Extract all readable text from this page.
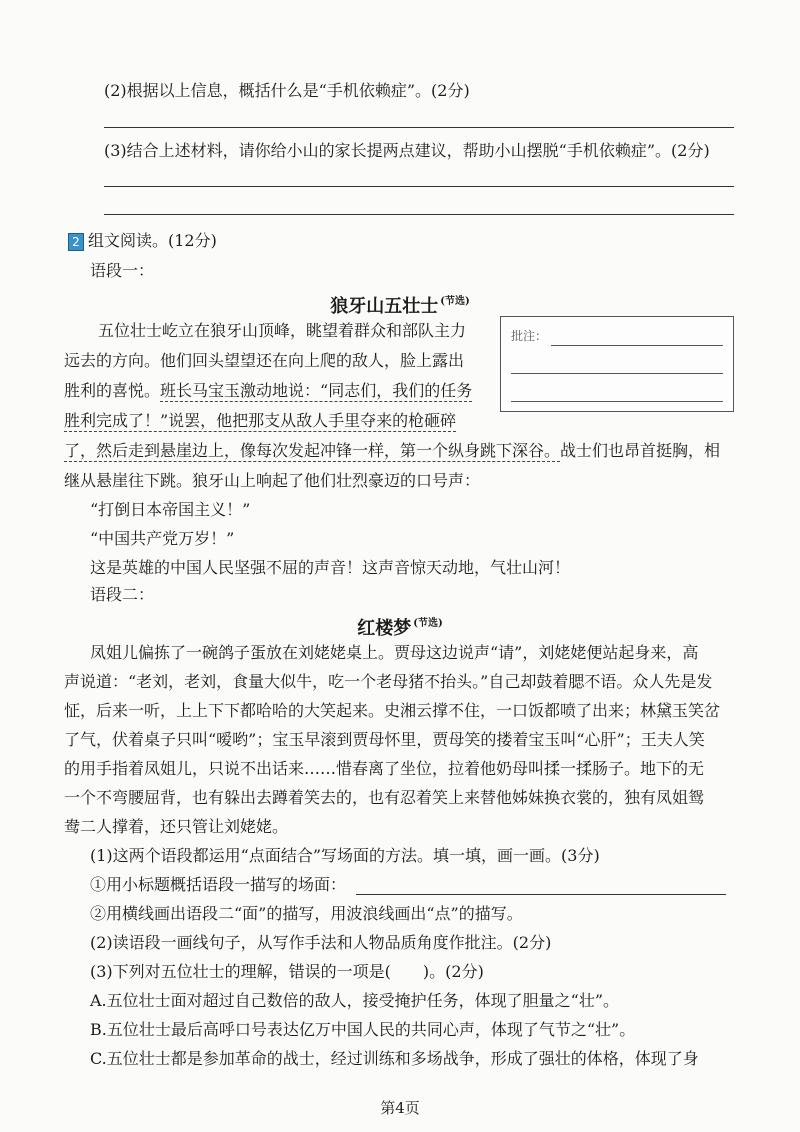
(2)根据以上信息，概括什么是“手机依赖症”。(2分)
(3)结合上述材料，请你给小山的家长提两点建议，帮助小山摆脱“手机依赖症”。(2分)
2 组文阅读。(12分)
语段一：
狼牙山五壮士 $^{(节选)}$
五位壮士屹立在狼牙山顶峰，眺望着群众和部队主力
远去的方向。他们回头望望还在向上爬的敌人，脸上露出
胜利的喜悦。班长马宝玉激动地说：“同志们，我们的任务
胜利完成了！”说罢，他把那支从敌人手里夺来的枪砸碎
了，然后走到悬崖边上，像每次发起冲锋一样，第一个纵身跳下深谷。战士们也昂首挺胸，相
继从悬崖往下跳。狼牙山上响起了他们壮烈豪迈的口号声：
“打倒日本帝国主义！”
“中国共产党万岁！”
这是英雄的中国人民坚强不屈的声音！这声音惊天动地，气壮山河！
批注：
语段二：
红楼梦 $^{(节选)}$
凤姐儿偏拣了一碗鸽子蛋放在刘姥姥桌上。贾母这边说声“请”，刘姥姥便站起身来，高
声说道：“老刘，老刘，食量大似牛，吃一个老母猪不抬头。”自己却鼓着腮不语。众人先是发
怔，后来一听，上上下下都哈哈的大笑起来。史湘云撑不住，一口饭都喷了出来；林黛玉笑岔
了气，伏着桌子只叫“嗳哟”；宝玉早滚到贾母怀里，贾母笑的搂着宝玉叫“心肝”；王夫人笑
的用手指着凤姐儿，只说不出话来……惜春离了坐位，拉着他奶母叫揉一揉肠子。地下的无
一个不弯腰屈背，也有躲出去蹲着笑去的，也有忍着笑上来替他姊妹换衣裳的，独有凤姐鸳
鸯二人撑着，还只管让刘姥姥。
(1)这两个语段都运用“点面结合”写场面的方法。填一填，画一画。(3分)
①用小标题概括语段一描写的场面：
②用横线画出语段二“面”的描写，用波浪线画出“点”的描写。
(2)读语段一画线句子，从写作手法和人物品质角度作批注。(2分)
(3)下列对五位壮士的理解，错误的一项是(　　)。(2分)
A.五位壮士面对超过自己数倍的敌人，接受掩护任务，体现了胆量之“壮”。
B.五位壮士最后高呼口号表达亿万中国人民的共同心声，体现了气节之“壮”。
C.五位壮士都是参加革命的战士，经过训练和多场战争，形成了强壮的体格，体现了身
第4页
